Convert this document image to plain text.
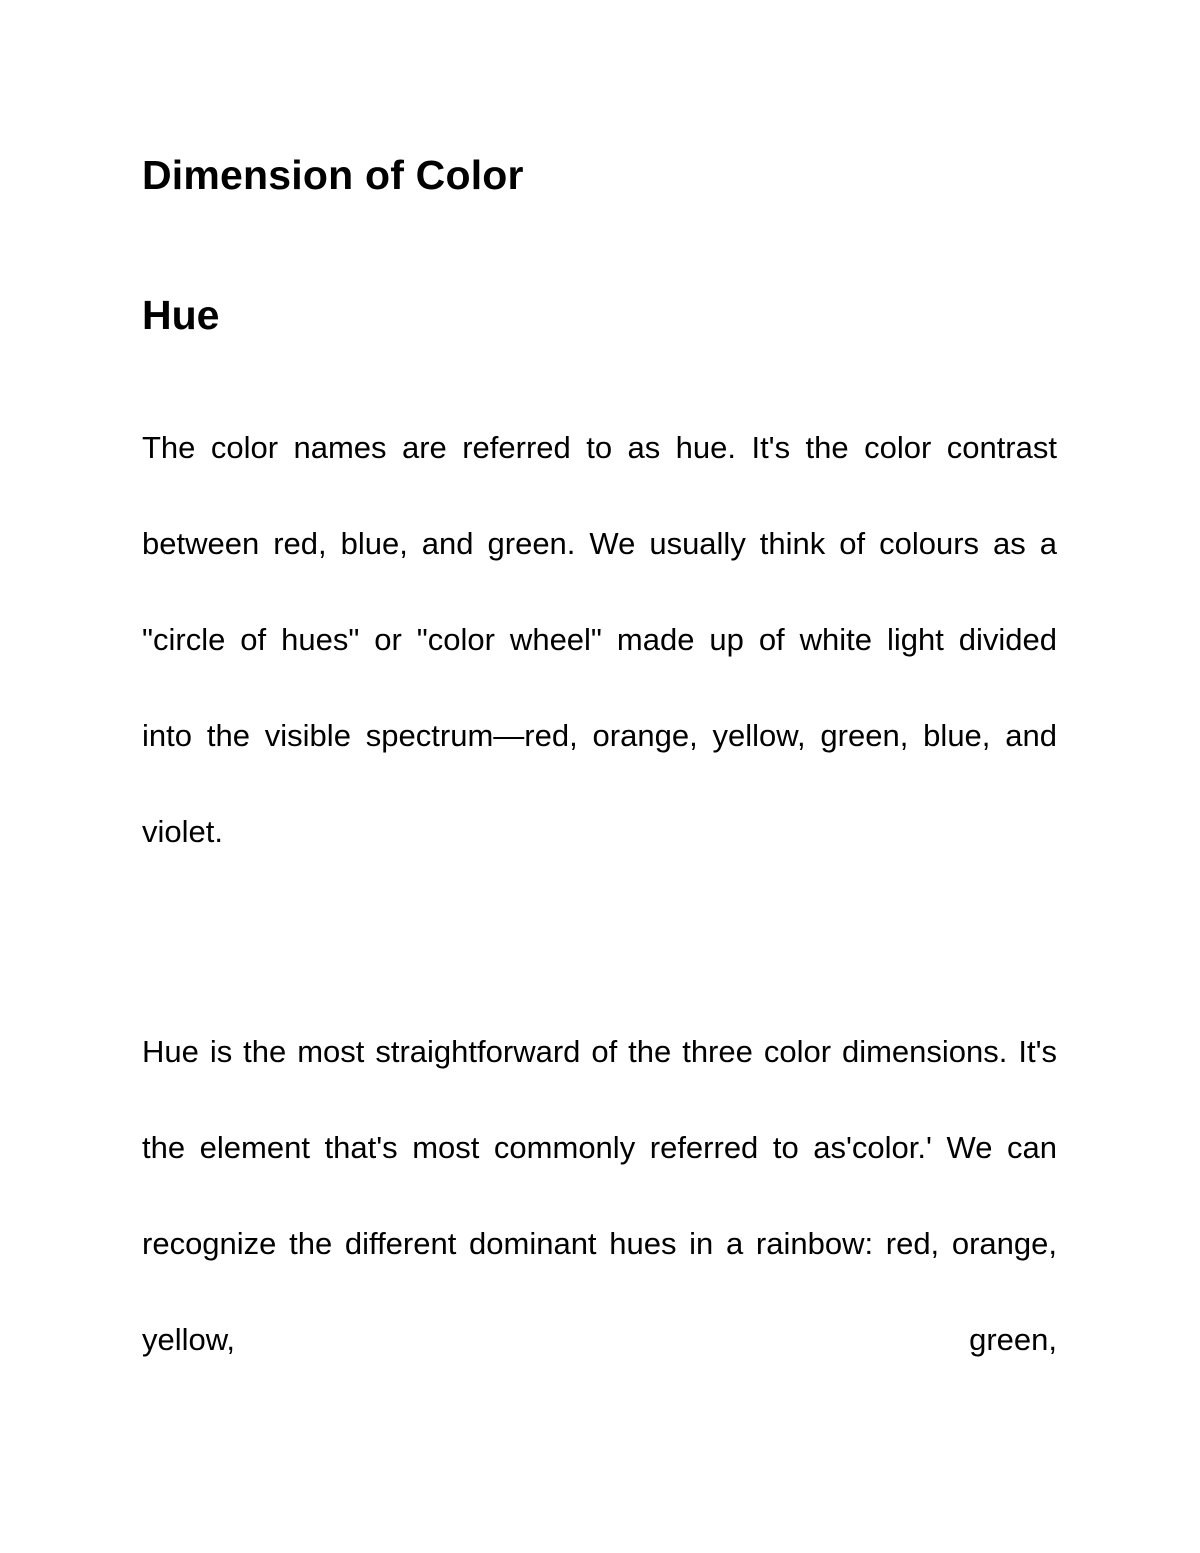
Dimension of Color
Hue

The color names are referred to as hue. It's the color contrast between red, blue, and green. We usually think of colours as a "circle of hues" or "color wheel" made up of white light divided into the visible spectrum—red, orange, yellow, green, blue, and violet.

Hue is the most straightforward of the three color dimensions. It's the element that's most commonly referred to as'color.' We can recognize the different dominant hues in a rainbow: red, orange, yellow, green,
